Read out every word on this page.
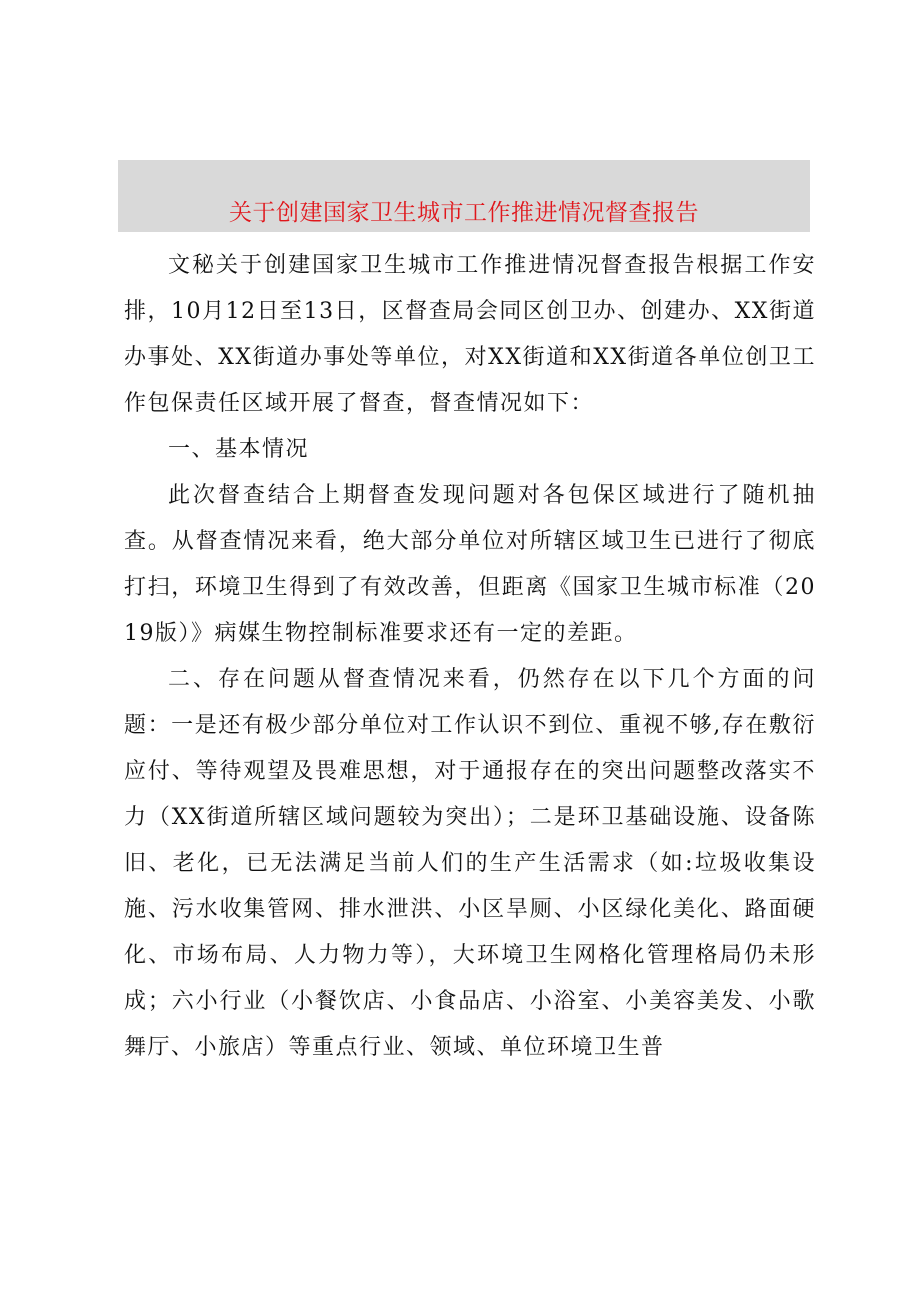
关于创建国家卫生城市工作推进情况督查报告

文秘关于创建国家卫生城市工作推进情况督查报告根据工作安排，10月12日至13日，区督查局会同区创卫办、创建办、XX街道办事处、XX街道办事处等单位，对XX街道和XX街道各单位创卫工作包保责任区域开展了督查，督查情况如下：

一、基本情况

此次督查结合上期督查发现问题对各包保区域进行了随机抽查。从督查情况来看，绝大部分单位对所辖区域卫生已进行了彻底打扫，环境卫生得到了有效改善，但距离《国家卫生城市标准（2019版）》病媒生物控制标准要求还有一定的差距。

二、存在问题从督查情况来看，仍然存在以下几个方面的问题：一是还有极少部分单位对工作认识不到位、重视不够,存在敷衍应付、等待观望及畏难思想，对于通报存在的突出问题整改落实不力（XX街道所辖区域问题较为突出）；二是环卫基础设施、设备陈旧、老化，已无法满足当前人们的生产生活需求（如:垃圾收集设施、污水收集管网、排水泄洪、小区旱厕、小区绿化美化、路面硬化、市场布局、人力物力等），大环境卫生网格化管理格局仍未形成；六小行业（小餐饮店、小食品店、小浴室、小美容美发、小歌舞厅、小旅店）等重点行业、领域、单位环境卫生普
